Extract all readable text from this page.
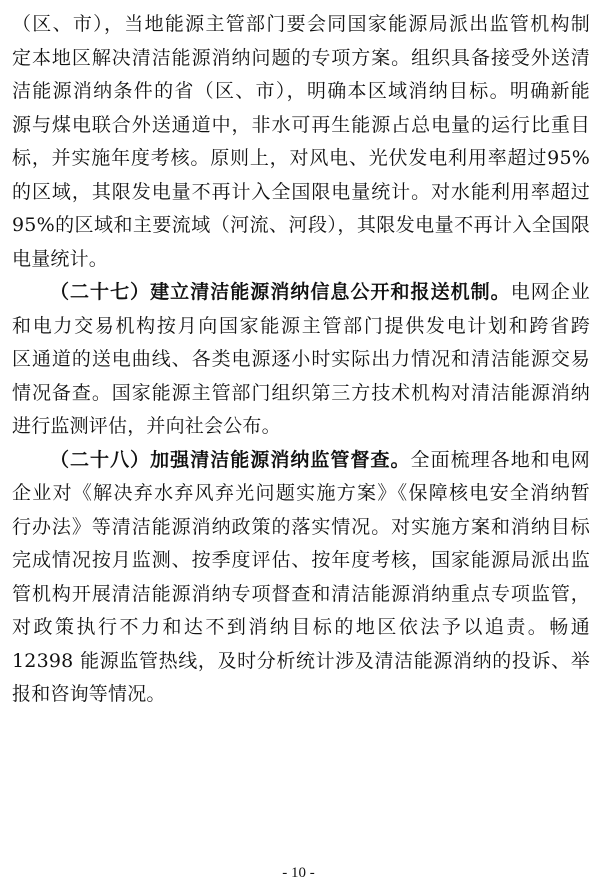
（区、市），当地能源主管部门要会同国家能源局派出监管机构制
定本地区解决清洁能源消纳问题的专项方案。组织具备接受外送清
洁能源消纳条件的省（区、市），明确本区域消纳目标。明确新能
源与煤电联合外送通道中，非水可再生能源占总电量的运行比重目
标，并实施年度考核。原则上，对风电、光伏发电利用率超过95%
的区域，其限发电量不再计入全国限电量统计。对水能利用率超过
95%的区域和主要流域（河流、河段），其限发电量不再计入全国限
电量统计。
（二十七）建立清洁能源消纳信息公开和报送机制。电网企业
和电力交易机构按月向国家能源主管部门提供发电计划和跨省跨
区通道的送电曲线、各类电源逐小时实际出力情况和清洁能源交易
情况备查。国家能源主管部门组织第三方技术机构对清洁能源消纳
进行监测评估，并向社会公布。
（二十八）加强清洁能源消纳监管督查。全面梳理各地和电网
企业对《解决弃水弃风弃光问题实施方案》《保障核电安全消纳暂
行办法》等清洁能源消纳政策的落实情况。对实施方案和消纳目标
完成情况按月监测、按季度评估、按年度考核，国家能源局派出监
管机构开展清洁能源消纳专项督查和清洁能源消纳重点专项监管，
对政策执行不力和达不到消纳目标的地区依法予以追责。畅通
12398 能源监管热线，及时分析统计涉及清洁能源消纳的投诉、举
报和咨询等情况。
- 10 -
